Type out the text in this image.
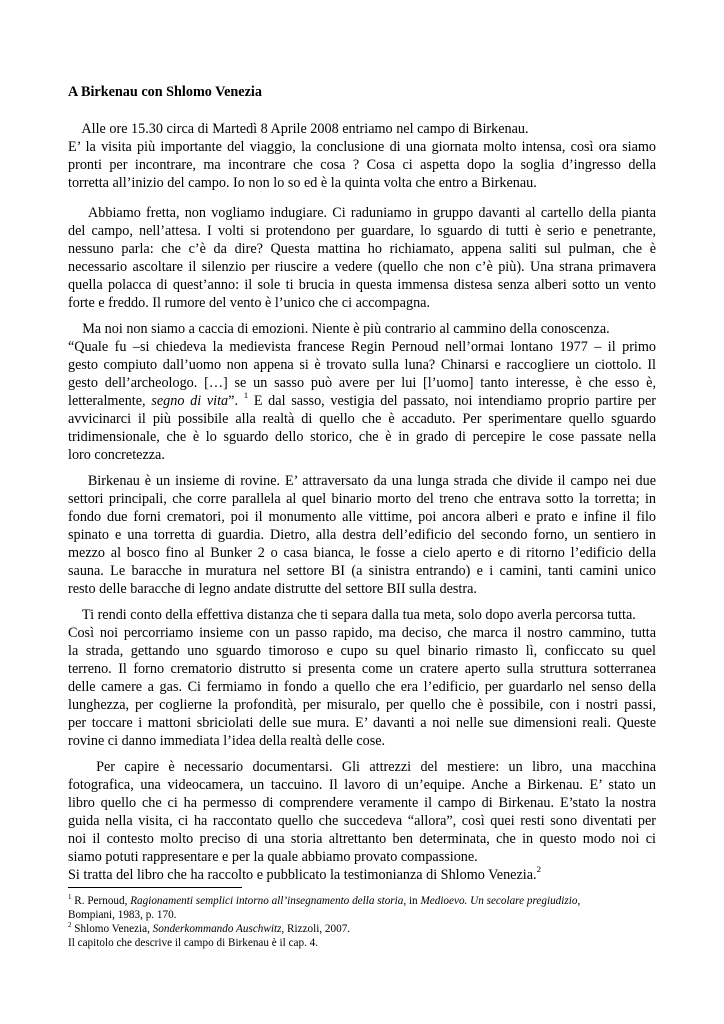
A Birkenau con Shlomo Venezia
Alle ore 15.30 circa di Martedì 8 Aprile 2008 entriamo nel campo di Birkenau.
E’ la visita più importante del viaggio, la conclusione di una giornata molto intensa, così ora siamo
pronti per incontrare, ma incontrare che cosa ? Cosa ci aspetta dopo la soglia d’ingresso della
torretta all’inizio del campo. Io non lo so ed è la quinta volta che entro a Birkenau.
Abbiamo fretta, non vogliamo indugiare. Ci raduniamo in gruppo davanti al cartello della pianta
del campo, nell’attesa. I volti si protendono per guardare, lo sguardo di tutti è serio e penetrante,
nessuno parla: che c’è da dire? Questa mattina ho richiamato, appena saliti sul pulman, che è
necessario ascoltare il silenzio per riuscire a vedere (quello che non c’è più). Una strana primavera
quella polacca di quest’anno: il sole ti brucia in questa immensa distesa senza alberi sotto un vento
forte e freddo. Il rumore del vento è l’unico che ci accompagna.
Ma noi non siamo a caccia di emozioni. Niente è più contrario al cammino della conoscenza.
“Quale fu –si chiedeva la medievista francese Regin Pernoud nell’ormai lontano 1977 – il primo
gesto compiuto dall’uomo non appena si è trovato sulla luna? Chinarsi e raccogliere un ciottolo. Il
gesto dell’archeologo. […] se un sasso può avere per lui [l’uomo] tanto interesse, è che esso è,
letteralmente, segno di vita”. $^1$ E dal sasso, vestigia del passato, noi intendiamo proprio partire per
avvicinarci il più possibile alla realtà di quello che è accaduto. Per sperimentare quello sguardo
tridimensionale, che è lo sguardo dello storico, che è in grado di percepire le cose passate nella
loro concretezza.
Birkenau è un insieme di rovine. E’ attraversato da una lunga strada che divide il campo nei due
settori principali, che corre parallela al quel binario morto del treno che entrava sotto la torretta; in
fondo due forni crematori, poi il monumento alle vittime, poi ancora alberi e prato e infine il filo
spinato e una torretta di guardia. Dietro, alla destra dell’edificio del secondo forno, un sentiero in
mezzo al bosco fino al Bunker 2 o casa bianca, le fosse a cielo aperto e di ritorno l’edificio della
sauna. Le baracche in muratura nel settore BI (a sinistra entrando) e i camini, tanti camini unico
resto delle baracche di legno andate distrutte del settore BII sulla destra.
Ti rendi conto della effettiva distanza che ti separa dalla tua meta, solo dopo averla percorsa tutta.
Così noi percorriamo insieme con un passo rapido, ma deciso, che marca il nostro cammino, tutta
la strada, gettando uno sguardo timoroso e cupo su quel binario rimasto lì, conficcato su quel
terreno. Il forno crematorio distrutto si presenta come un cratere aperto sulla struttura sotterranea
delle camere a gas. Ci fermiamo in fondo a quello che era l’edificio, per guardarlo nel senso della
lunghezza, per coglierne la profondità, per misuralo, per quello che è possibile, con i nostri passi,
per toccare i mattoni sbriciolati delle sue mura. E’ davanti a noi nelle sue dimensioni reali. Queste
rovine ci danno immediata l’idea della realtà delle cose.
Per capire è necessario documentarsi. Gli attrezzi del mestiere: un libro, una macchina
fotografica, una videocamera, un taccuino. Il lavoro di un’equipe. Anche a Birkenau. E’ stato un
libro quello che ci ha permesso di comprendere veramente il campo di Birkenau. E’stato la nostra
guida nella visita, ci ha raccontato quello che succedeva “allora”, così quei resti sono diventati per
noi il contesto molto preciso di una storia altrettanto ben determinata, che in questo modo noi ci
siamo potuti rappresentare e per la quale abbiamo provato compassione.
Si tratta del libro che ha raccolto e pubblicato la testimonianza di Shlomo Venezia.$^2$
$^1$ R. Pernoud, Ragionamenti semplici intorno all’insegnamento della storia, in Medioevo. Un secolare pregiudizio,
Bompiani, 1983, p. 170.
$^2$ Shlomo Venezia, Sonderkommando Auschwitz, Rizzoli, 2007.
Il capitolo che descrive il campo di Birkenau è il cap. 4.
